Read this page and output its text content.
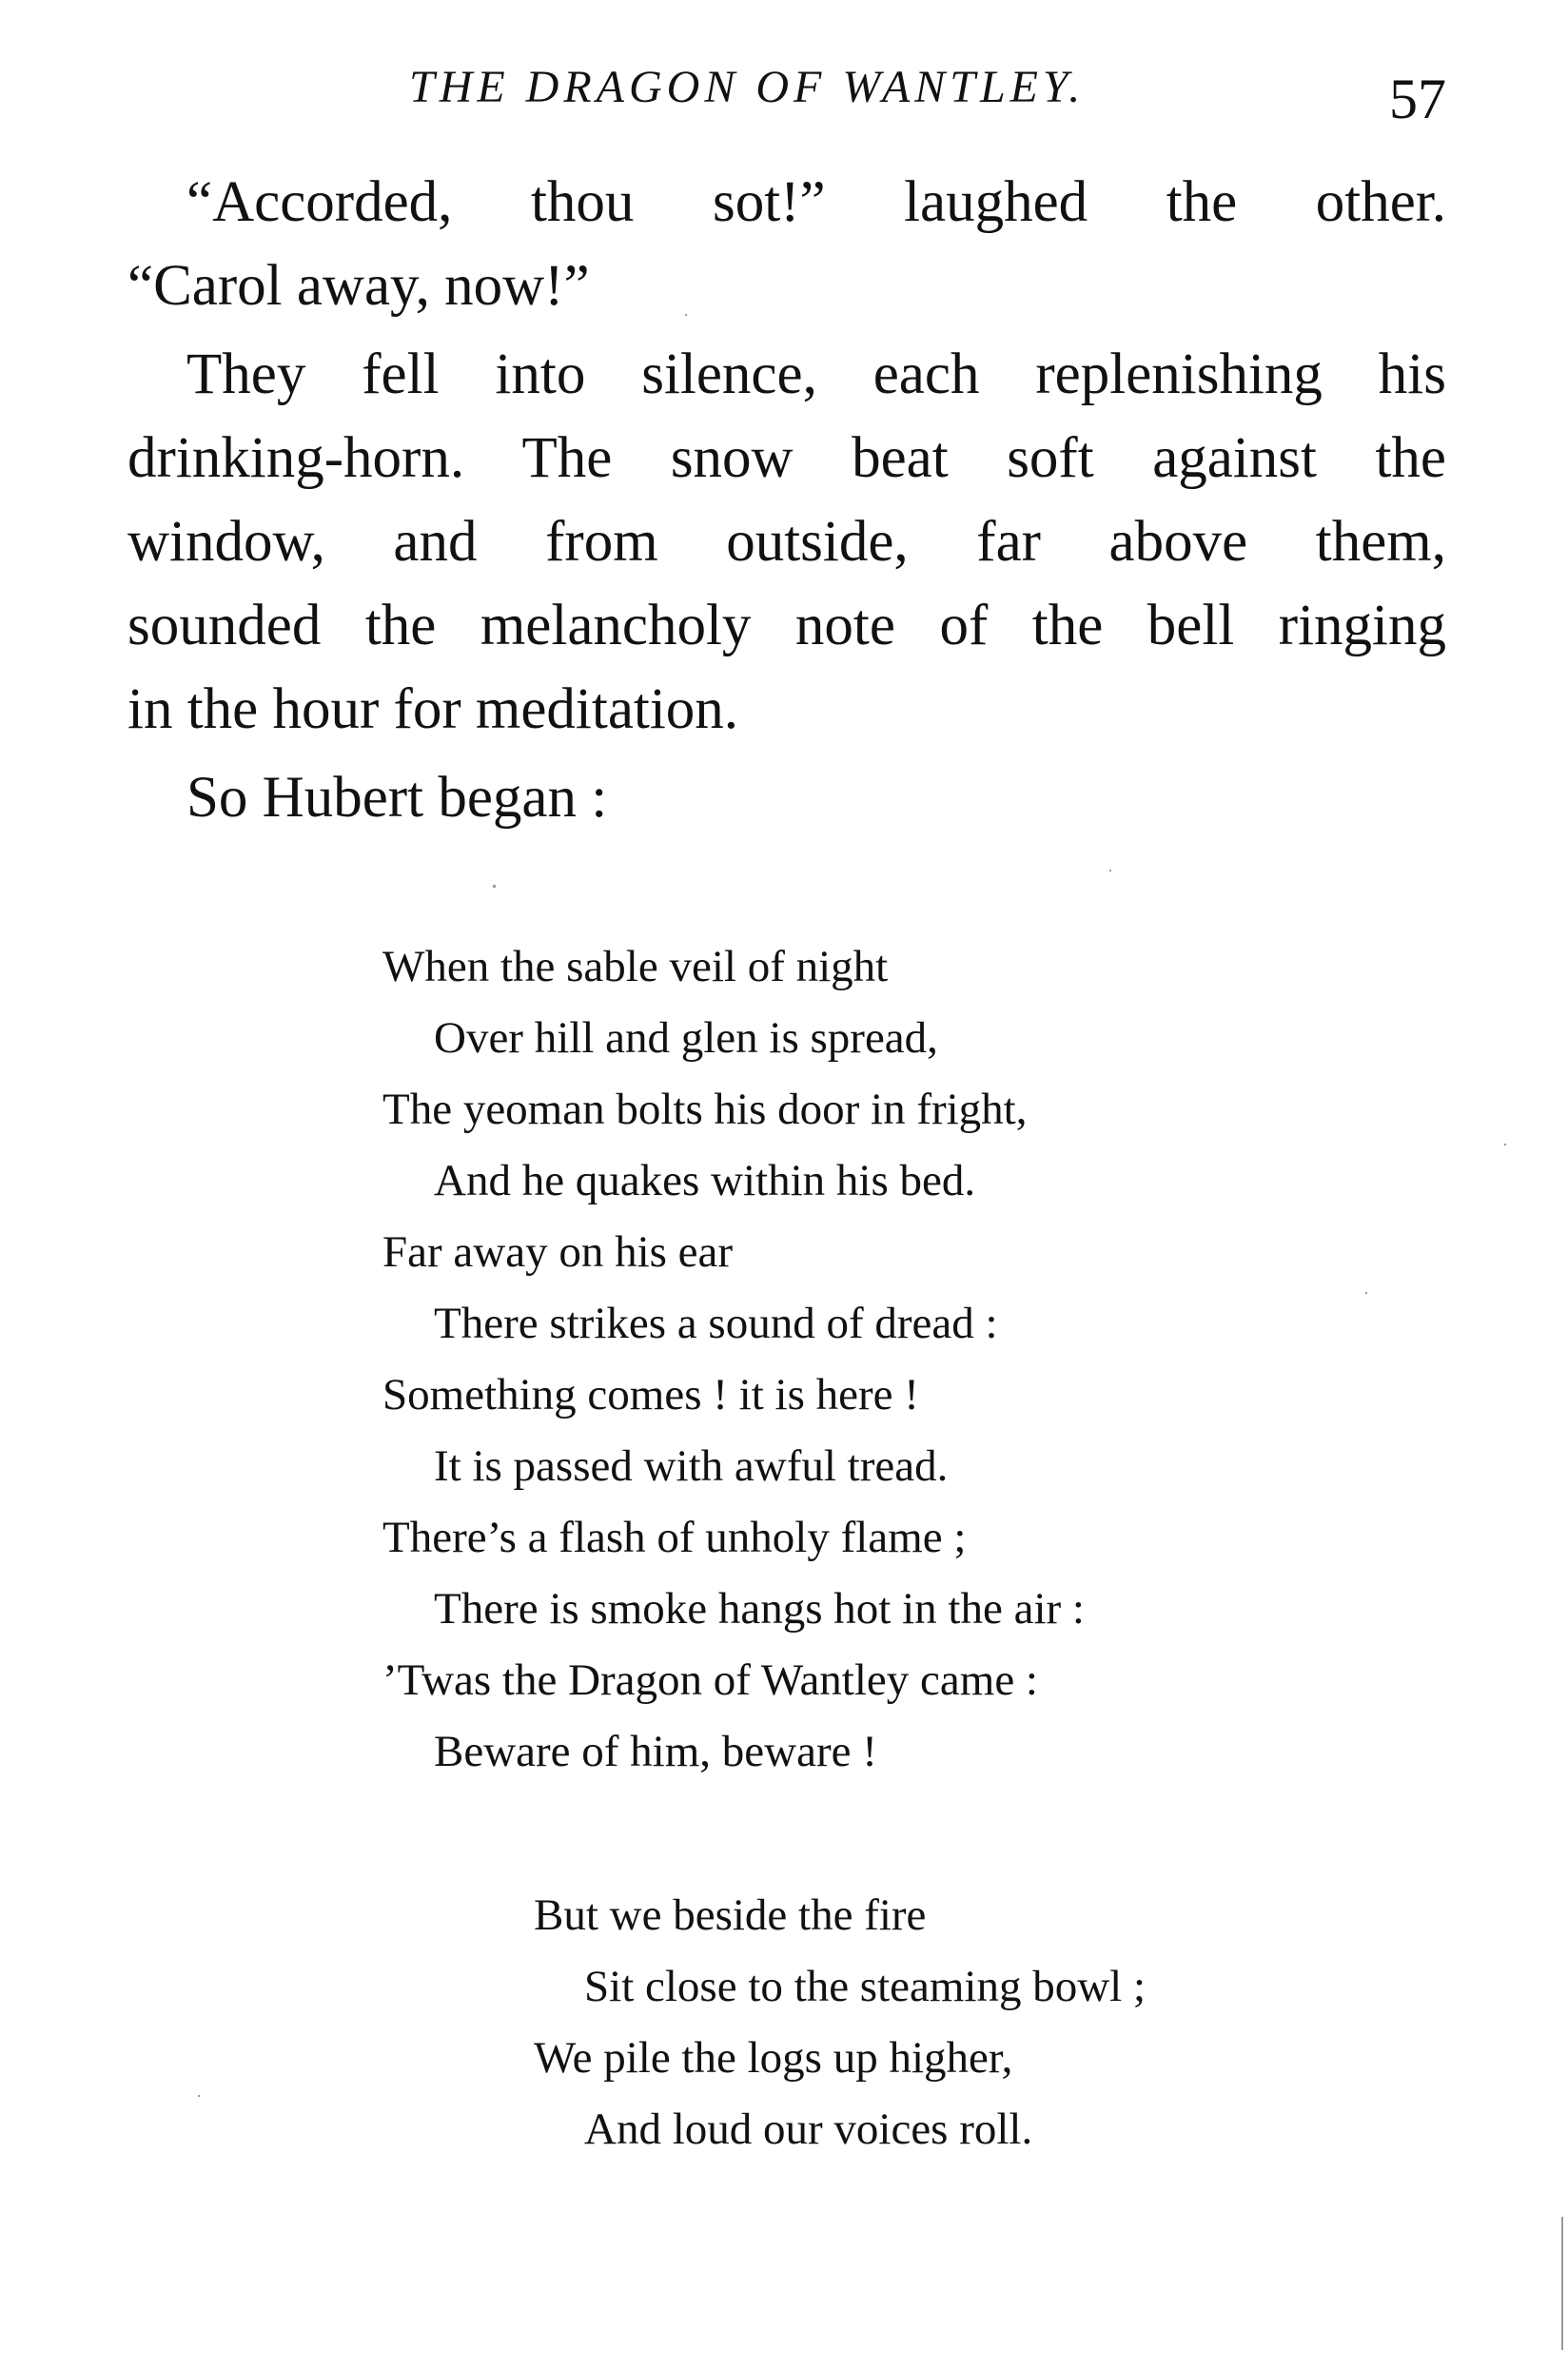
THE DRAGON OF WANTLEY.	57
“Accorded, thou sot!” laughed the other.
“Carol away, now!”
They fell into silence, each replenishing his
drinking-horn. The snow beat soft against the
window, and from outside, far above them,
sounded the melancholy note of the bell ringing
in the hour for meditation.
So Hubert began :
When the sable veil of night
Over hill and glen is spread,
The yeoman bolts his door in fright,
And he quakes within his bed.
Far away on his ear
There strikes a sound of dread :
Something comes ! it is here !
It is passed with awful tread.
There’s a flash of unholy flame ;
There is smoke hangs hot in the air :
’Twas the Dragon of Wantley came :
Beware of him, beware !
But we beside the fire
Sit close to the steaming bowl ;
We pile the logs up higher,
And loud our voices roll.
